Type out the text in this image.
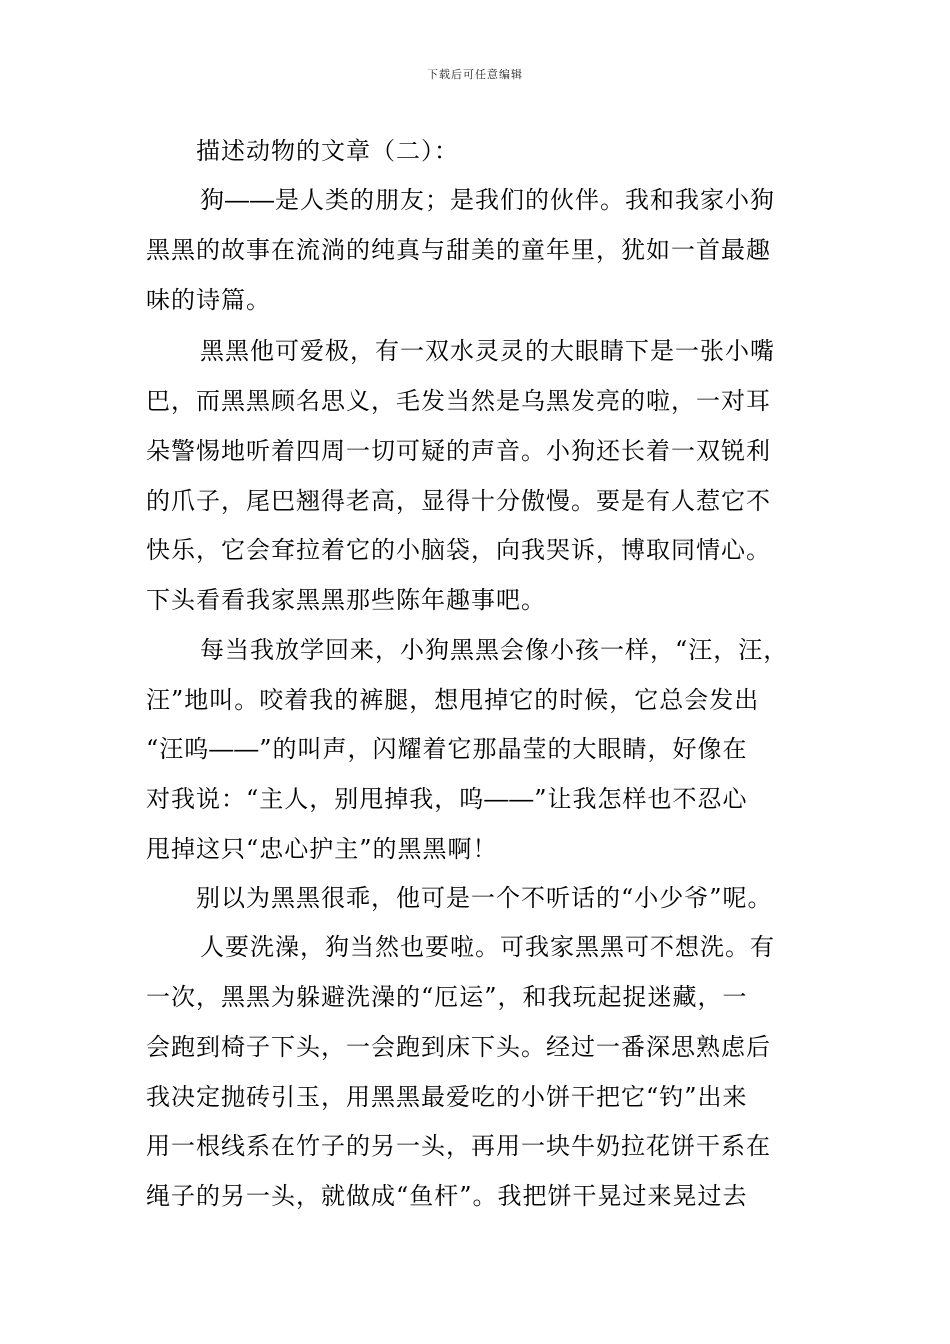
下载后可任意编辑
描述动物的文章（二）：
狗――是人类的朋友；是我们的伙伴。我和我家小狗
黑黑的故事在流淌的纯真与甜美的童年里，犹如一首最趣
味的诗篇。
黑黑他可爱极，有一双水灵灵的大眼睛下是一张小嘴
巴，而黑黑顾名思义，毛发当然是乌黑发亮的啦，一对耳
朵警惕地听着四周一切可疑的声音。小狗还长着一双锐利
的爪子，尾巴翘得老高，显得十分傲慢。要是有人惹它不
快乐，它会耷拉着它的小脑袋，向我哭诉，博取同情心。
下头看看我家黑黑那些陈年趣事吧。
每当我放学回来，小狗黑黑会像小孩一样，“汪，汪，
汪”地叫。咬着我的裤腿，想甩掉它的时候，它总会发出
“汪呜――”的叫声，闪耀着它那晶莹的大眼睛，好像在
对我说：“主人，别甩掉我，呜――”让我怎样也不忍心
甩掉这只“忠心护主”的黑黑啊！
别以为黑黑很乖，他可是一个不听话的“小少爷”呢。
人要洗澡，狗当然也要啦。可我家黑黑可不想洗。有
一次，黑黑为躲避洗澡的“厄运”，和我玩起捉迷藏，一
会跑到椅子下头，一会跑到床下头。经过一番深思熟虑后
我决定抛砖引玉，用黑黑最爱吃的小饼干把它“钓”出来
用一根线系在竹子的另一头，再用一块牛奶拉花饼干系在
绳子的另一头，就做成“鱼杆”。我把饼干晃过来晃过去
